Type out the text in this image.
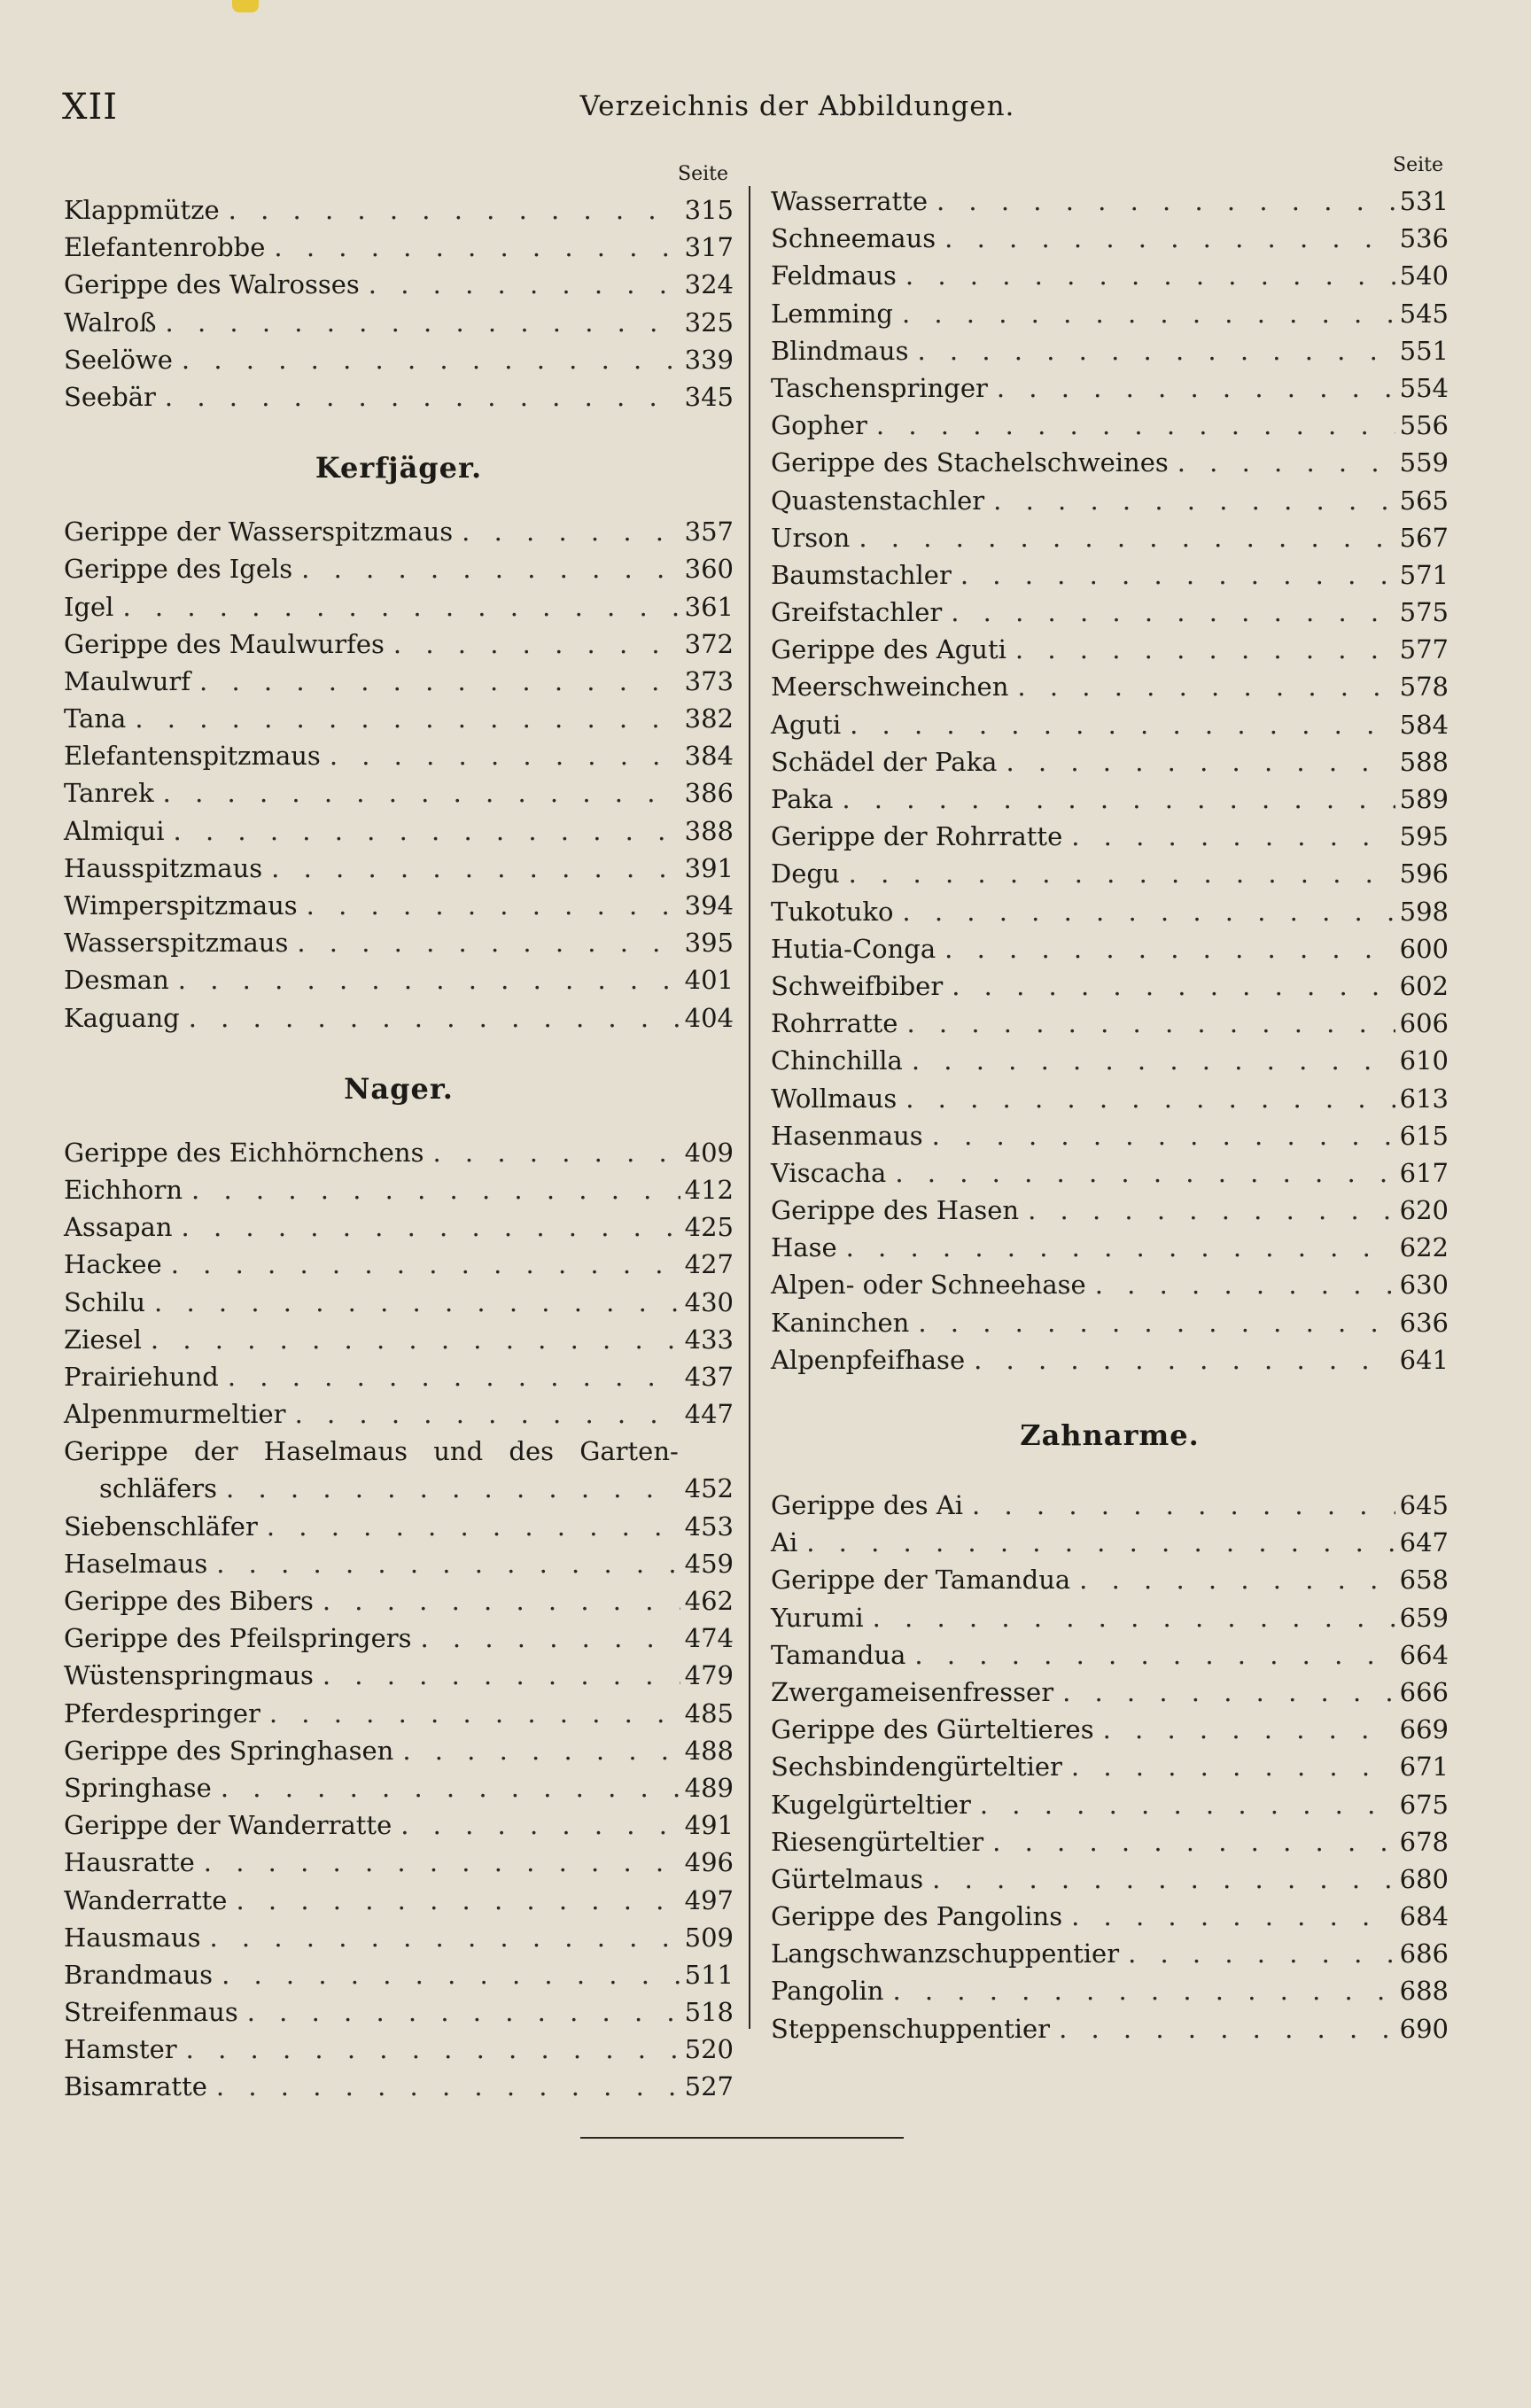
XII	Verzeichnis der Abbildungen.
Seite
Klappmütze . . .	315
Elefantenrobbe . . .	317
Gerippe des Walrosses . . .	324
Walroß . . .	325
Seelöwe . . .	339
Seebär . . .	345
Kerfjäger.
Gerippe der Wasserspitzmaus . . .	357
Gerippe des Igels . . .	360
Igel . . .	361
Gerippe des Maulwurfes . . .	372
Maulwurf . . .	373
Tana . . .	382
Elefantenspitzmaus . . .	384
Tanrek . . .	386
Almiqui . . .	388
Hausspitzmaus . . .	391
Wimperspitzmaus . . .	394
Wasserspitzmaus . . .	395
Desman . . .	401
Kaguang . . .	404
Nager.
Gerippe des Eichhörnchens . . .	409
Eichhorn . . .	412
Assapan . . .	425
Hackee . . .	427
Schilu . . .	430
Ziesel . . .	433
Prairiehund . . .	437
Alpenmurmeltier . . .	447
Gerippe der Haselmaus und des Garten-
schläfers . . .	452
Siebenschläfer . . .	453
Haselmaus . . .	459
Gerippe des Bibers . . .	462
Gerippe des Pfeilspringers . . .	474
Wüstenspringmaus . . .	479
Pferdespringer . . .	485
Gerippe des Springhasen . . .	488
Springhase . . .	489
Gerippe der Wanderratte . . .	491
Hausratte . . .	496
Wanderratte . . .	497
Hausmaus . . .	509
Brandmaus . . .	511
Streifenmaus . . .	518
Hamster . . .	520
Bisamratte . . .	527
Seite
Wasserratte . . .	531
Schneemaus . . .	536
Feldmaus . . .	540
Lemming . . .	545
Blindmaus . . .	551
Taschenspringer . . .	554
Gopher . . .	556
Gerippe des Stachelschweines . . .	559
Quastenstachler . . .	565
Urson . . .	567
Baumstachler . . .	571
Greifstachler . . .	575
Gerippe des Aguti . . .	577
Meerschweinchen . . .	578
Aguti . . .	584
Schädel der Paka . . .	588
Paka . . .	589
Gerippe der Rohrratte . . .	595
Degu . . .	596
Tukotuko . . .	598
Hutia-Conga . . .	600
Schweifbiber . . .	602
Rohrratte . . .	606
Chinchilla . . .	610
Wollmaus . . .	613
Hasenmaus . . .	615
Viscacha . . .	617
Gerippe des Hasen . . .	620
Hase . . .	622
Alpen- oder Schneehase . . .	630
Kaninchen . . .	636
Alpenpfeifhase . . .	641
Zahnarme.
Gerippe des Ai . . .	645
Ai . . .	647
Gerippe der Tamandua . . .	658
Yurumi . . .	659
Tamandua . . .	664
Zwergameisenfresser . . .	666
Gerippe des Gürteltieres . . .	669
Sechsbindengürteltier . . .	671
Kugelgürteltier . . .	675
Riesengürteltier . . .	678
Gürtelmaus . . .	680
Gerippe des Pangolins . . .	684
Langschwanzschuppentier . . .	686
Pangolin . . .	688
Steppenschuppentier . . .	690
